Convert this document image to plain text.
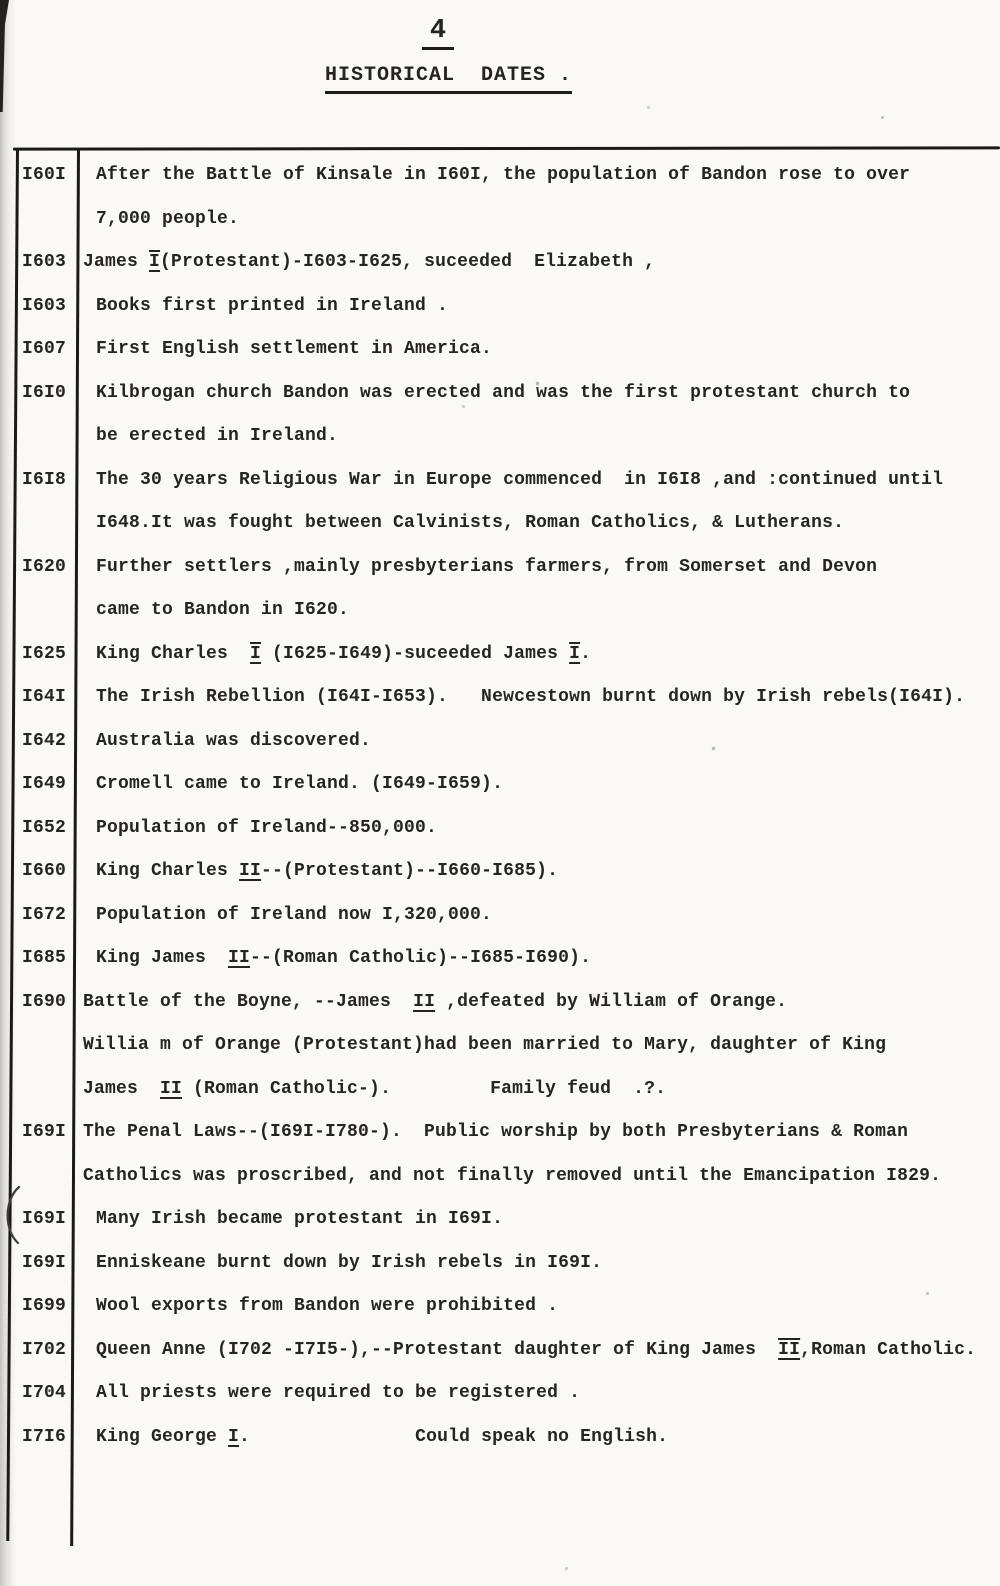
4
HISTORICAL  DATES .
I60I	After the Battle of Kinsale in I60I, the population of Bandon rose to over
7,000 people.
I603 James I(Protestant)-I603-I625, suceeded  Elizabeth ,
I603	Books first printed in Ireland .
I607	First English settlement in America.
I6I0	Kilbrogan church Bandon was erected and was the first protestant church to
be erected in Ireland.
I6I8	The 30 years Religious War in Europe commenced  in I6I8 ,and :continued until
I648.It was fought between Calvinists, Roman Catholics, & Lutherans.
I620	Further settlers ,mainly presbyterians farmers, from Somerset and Devon
came to Bandon in I620.
I625	King Charles  I (I625-I649)-suceeded James I.
I64I	The Irish Rebellion (I64I-I653).   Newcestown burnt down by Irish rebels(I64I).
I642	Australia was discovered.
I649	Cromell came to Ireland. (I649-I659).
I652	Population of Ireland--850,000.
I660	King Charles II--(Protestant)--I660-I685).
I672	Population of Ireland now I,320,000.
I685	King James  II--(Roman Catholic)--I685-I690).
I690 Battle of the Boyne, --James  II ,defeated by William of Orange.
Willia m of Orange (Protestant)had been married to Mary, daughter of King
James  II (Roman Catholic-).         Family feud  .?.
I69I The Penal Laws--(I69I-I780-).  Public worship by both Presbyterians & Roman
Catholics was proscribed, and not finally removed until the Emancipation I829.
I69I	Many Irish became protestant in I69I.
I69I	Enniskeane burnt down by Irish rebels in I69I.
I699	Wool exports from Bandon were prohibited .
I702	Queen Anne (I702 -I7I5-),--Protestant daughter of King James  II,Roman Catholic.
I704	All priests were required to be registered .
I7I6	King George I.               Could speak no English.
